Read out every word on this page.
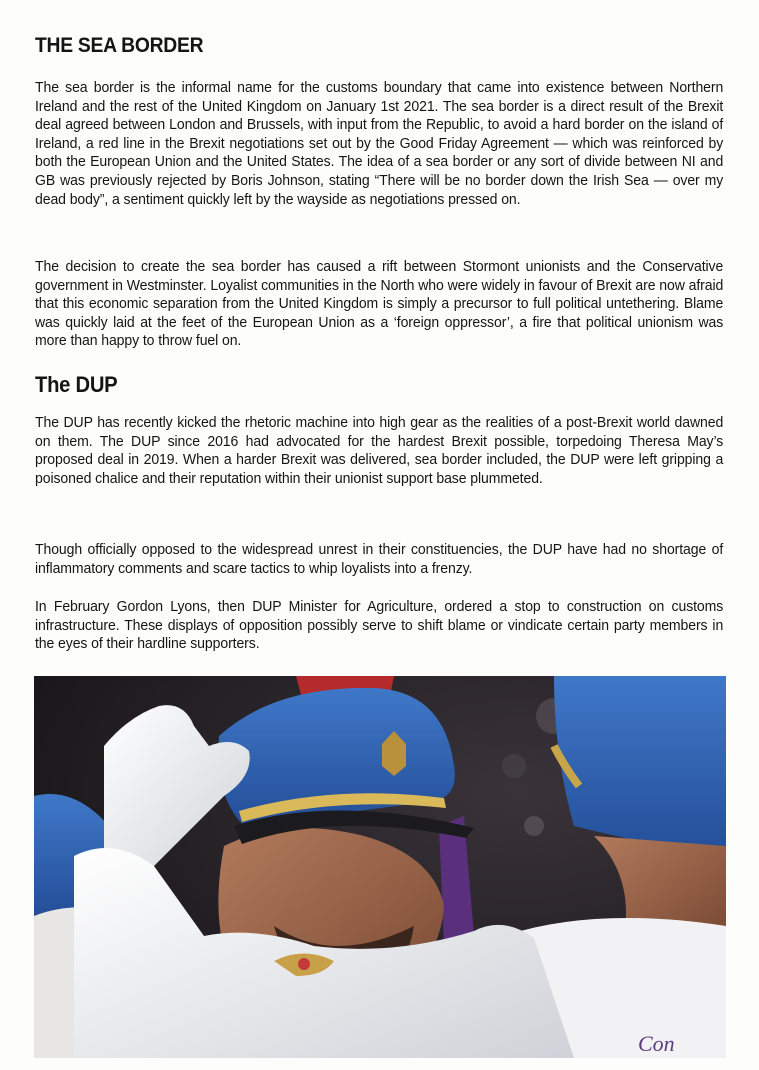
THE SEA BORDER

The sea border is the informal name for the customs boundary that came into existence between Northern Ireland and the rest of the United Kingdom on January 1st 2021. The sea border is a direct result of the Brexit deal agreed between London and Brussels, with input from the Republic, to avoid a hard border on the island of Ireland, a red line in the Brexit negotiations set out by the Good Friday Agreement — which was reinforced by both the European Union and the United States. The idea of a sea border or any sort of divide between NI and GB was previously rejected by Boris Johnson, stating “There will be no border down the Irish Sea — over my dead body”, a sentiment quickly left by the wayside as negotiations pressed on.

The decision to create the sea border has caused a rift between Stormont unionists and the Conservative government in Westminster. Loyalist communities in the North who were widely in favour of Brexit are now afraid that this economic separation from the United Kingdom is simply a precursor to full political untethering. Blame was quickly laid at the feet of the European Union as a ‘foreign oppressor’, a fire that political unionism was more than happy to throw fuel on.

The DUP

The DUP has recently kicked the rhetoric machine into high gear as the realities of a post-Brexit world dawned on them. The DUP since 2016 had advocated for the hardest Brexit possible, torpedoing Theresa May’s proposed deal in 2019. When a harder Brexit was delivered, sea border included, the DUP were left gripping a poisoned chalice and their reputation within their unionist support base plummeted.

Though officially opposed to the widespread unrest in their constituencies, the DUP have had no shortage of inflammatory comments and scare tactics to whip loyalists into a frenzy.

In February Gordon Lyons, then DUP Minister for Agriculture, ordered a stop to construction on customs infrastructure. These displays of opposition possibly serve to shift blame or vindicate certain party members in the eyes of their hardline supporters.

Con
